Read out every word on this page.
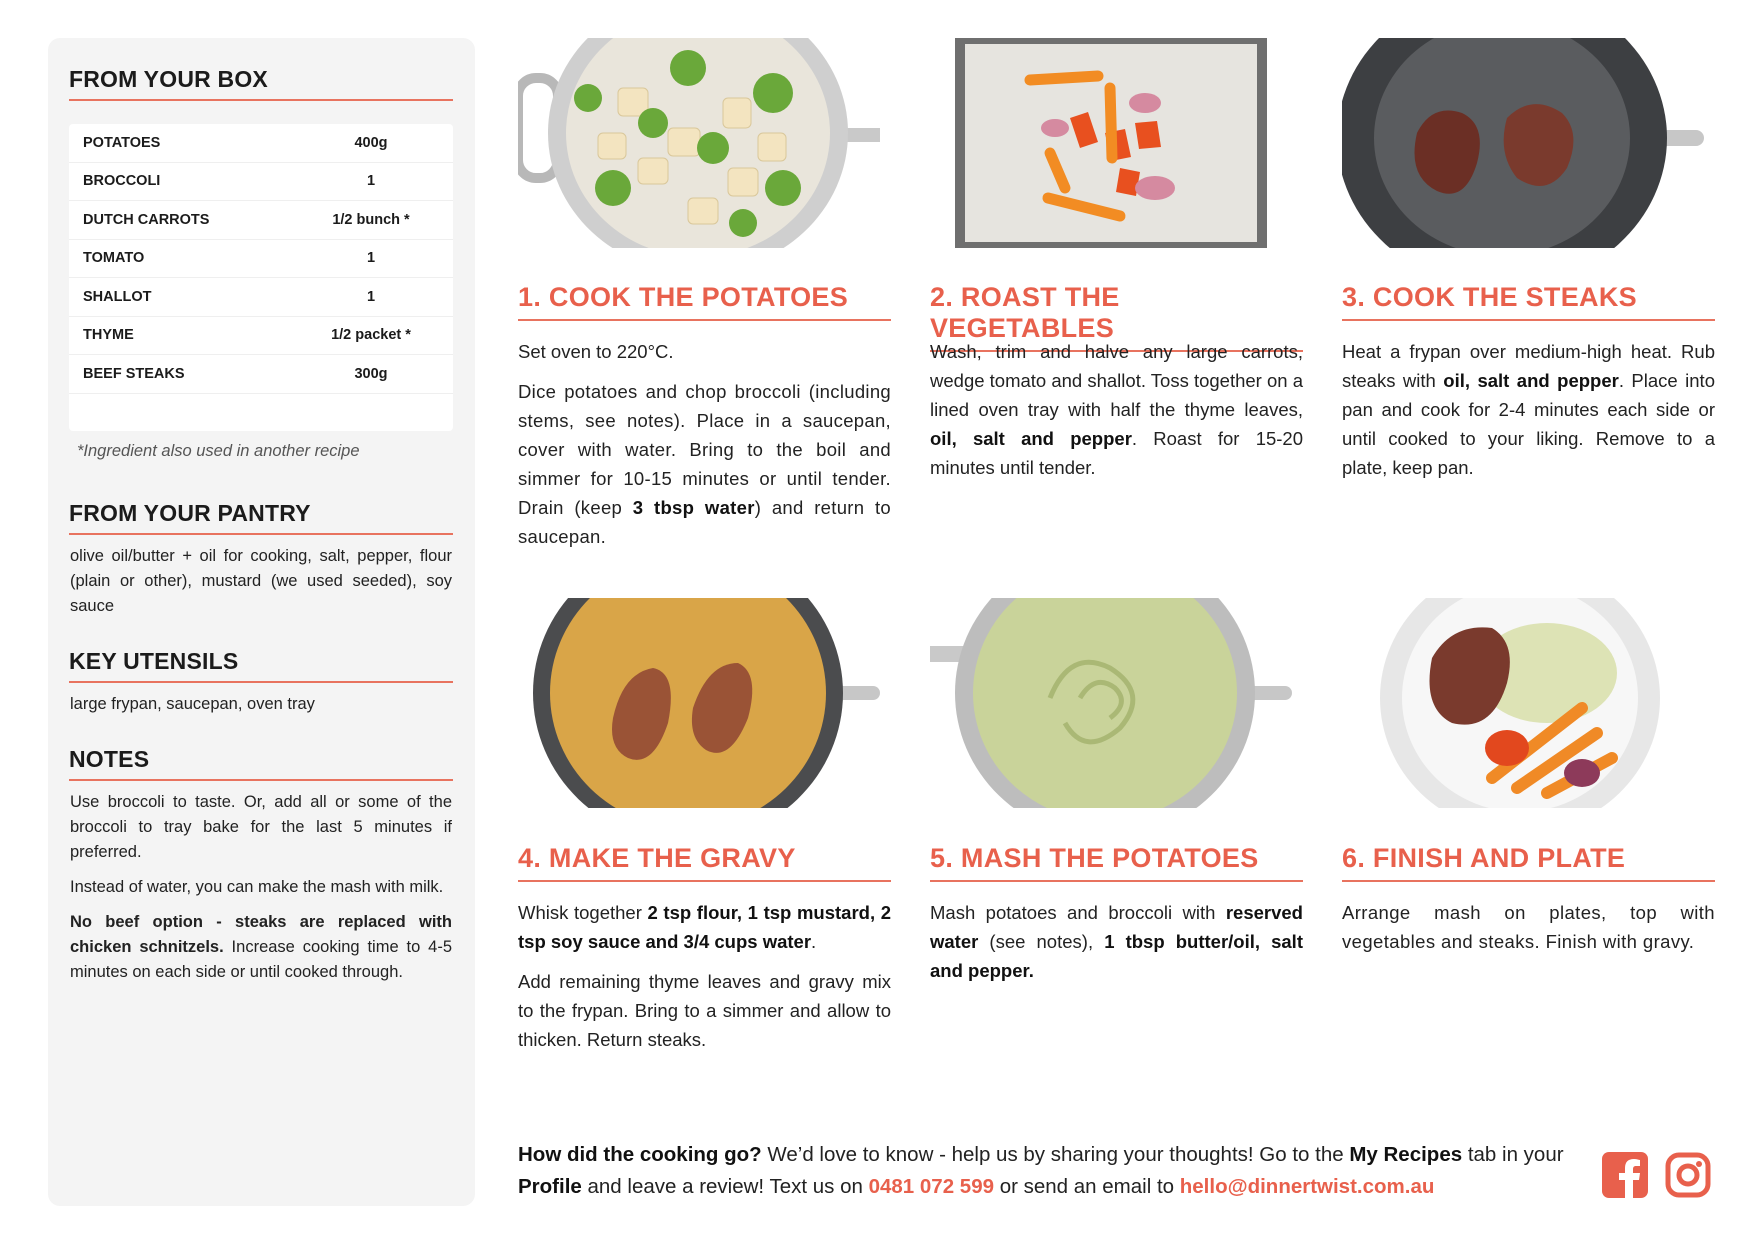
FROM YOUR BOX
POTATOES	400g
BROCCOLI	1
DUTCH CARROTS	1/2 bunch *
TOMATO	1
SHALLOT	1
THYME	1/2 packet *
BEEF STEAKS	300g
*Ingredient also used in another recipe
FROM YOUR PANTRY
olive oil/butter + oil for cooking, salt, pepper, flour (plain or other), mustard (we used seeded), soy sauce
KEY UTENSILS
large frypan, saucepan, oven tray
NOTES

Use broccoli to taste. Or, add all or some of the broccoli to tray bake for the last 5 minutes if preferred.

Instead of water, you can make the mash with milk.

No beef option - steaks are replaced with chicken schnitzels. Increase cooking time to 4-5 minutes on each side or until cooked through.

1. COOK THE POTATOES

Set oven to 220°C.

Dice potatoes and chop broccoli (including stems, see notes). Place in a saucepan, cover with water. Bring to the boil and simmer for 10-15 minutes or until tender. Drain (keep 3 tbsp water) and return to saucepan.

2. ROAST THE VEGETABLES

Wash, trim and halve any large carrots, wedge tomato and shallot. Toss together on a lined oven tray with half the thyme leaves, oil, salt and pepper. Roast for 15-20 minutes until tender.

3. COOK THE STEAKS

Heat a frypan over medium-high heat. Rub steaks with oil, salt and pepper. Place into pan and cook for 2-4 minutes each side or until cooked to your liking. Remove to a plate, keep pan.

4. MAKE THE GRAVY

Whisk together 2 tsp flour, 1 tsp mustard, 2 tsp soy sauce and 3/4 cups water.

Add remaining thyme leaves and gravy mix to the frypan. Bring to a simmer and allow to thicken. Return steaks.

5. MASH THE POTATOES

Mash potatoes and broccoli with reserved water (see notes), 1 tbsp butter/oil, salt and pepper.

6. FINISH AND PLATE

Arrange mash on plates, top with vegetables and steaks. Finish with gravy.

How did the cooking go? We’d love to know - help us by sharing your thoughts! Go to the My Recipes tab in your Profile and leave a review! Text us on 0481 072 599 or send an email to hello@dinnertwist.com.au
